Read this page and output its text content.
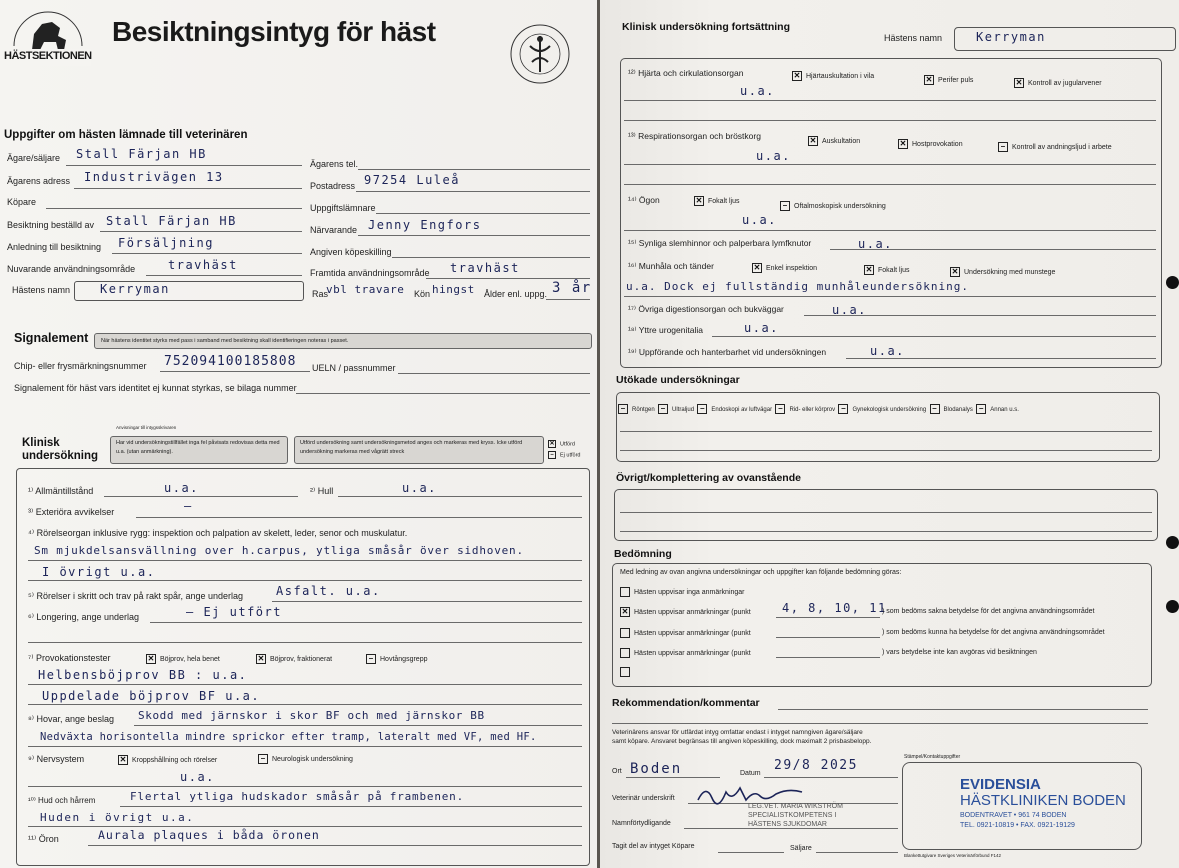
HÄSTSEKTIONEN
Besiktningsintyg för häst
Uppgifter om hästen lämnade till veterinären
Ägare/säljare Stall Färjan HB
Ägarens tel.
Ägarens adress Industrivägen 13
Postadress 97254 Luleå
Köpare
Uppgiftslämnare
Besiktning beställd av Stall Färjan HB
Närvarande Jenny Engfors
Anledning till besiktning Försäljning
Angiven köpeskilling
Nuvarande användningsområde	travhäst
Framtida användningsområde travhäst
Hästens namn Kerryman	Ras
vbl travare Kön hingst Ålder enl. uppg. 3 år
Signalement	När hästens identitet styrks med pass i samband med besiktning skall identifieringen noteras i passet.
Chip- eller frysmärkningsnummer 752094100185808 UELN / passnummer
Signalement för häst vars identitet ej kunnat styrkas, se bilaga nummer
Klinisk
undersökning
Anvisningar till intygsskrivaren
Har vid undersökningstillfället inga fel påvisats redovisas detta med u.a. (utan anmärkning).
Utförd undersökning samt undersökningsmetod anges och markeras med kryss. Icke utförd undersökning markeras med vågrätt streck
✕ Utförd
– Ej utförd
¹⁾ Allmäntillstånd	u.a.	²⁾ Hull	u.a.
³⁾ Exteriöra avvikelser	—
⁴⁾ Rörelseorgan inklusive rygg: inspektion och palpation av skelett, leder, senor och muskulatur.
Sm mjukdelsansvällning over h.carpus, ytliga småsår över sidhoven.
I övrigt u.a.
⁵⁾ Rörelser i skritt och trav på rakt spår, ange underlag	Asfalt. u.a.
⁶⁾ Longering, ange underlag	— Ej utfört
⁷⁾ Provokationstester	✕ Böjprov, hela benet	✕ Böjprov, fraktionerat	– Hovtångsgrepp
Helbensböjprov BB : u.a.
Uppdelade böjprov BF u.a.
⁸⁾ Hovar, ange beslag Skodd med järnskor i skor BF och med järnskor BB
Nedväxta horisontella mindre sprickor efter tramp, lateralt med VF, med HF.
⁹⁾ Nervsystem	✕ Kroppshållning och rörelser	– Neurologisk undersökning
u.a.
¹⁰⁾ Hud och hårrem	Flertal ytliga hudskador småsår på frambenen.
Huden i övrigt u.a.
¹¹⁾ Öron	Aurala plaques i båda öronen
Klinisk undersökning fortsättning
Hästens namn	Kerryman
¹²⁾ Hjärta och cirkulationsorgan	✕ Hjärtauskultation i vila	✕ Perifer puls	✕ Kontroll av jugularvener
u.a.
¹³⁾ Respirationsorgan och bröstkorg	✕ Auskultation	✕ Hostprovokation	– Kontroll av andningsljud i arbete
u.a.
¹⁴⁾ Ögon	✕ Fokalt ljus	– Oftalmoskopisk undersökning
u.a.
¹⁵⁾ Synliga slemhinnor och palperbara lymfknutor	u.a.
¹⁶⁾ Munhåla och tänder	✕ Enkel inspektion	✕ Fokalt ljus	✕ Undersökning med munstege
u.a. Dock ej fullständig munhåleundersökning.
¹⁷⁾ Övriga digestionsorgan och bukväggar	u.a.
¹⁸⁾ Yttre urogenitalia	u.a.
¹⁹⁾ Uppförande och hanterbarhet vid undersökningen	u.a.
Utökade undersökningar
– Röntgen – Ultraljud – Endoskopi av luftvägar – Rid- eller körprov – Gynekologisk undersökning – Blodanalys – Annan u.s.
Övrigt/komplettering av ovanstående
Bedömning
Med ledning av ovan angivna undersökningar och uppgifter kan följande bedömning göras:
Hästen uppvisar inga anmärkningar
✕ Hästen uppvisar anmärkningar (punkt	4, 8, 10, 11
) som bedöms sakna betydelse för det angivna användningsområdet
Hästen uppvisar anmärkningar (punkt	) som bedöms kunna ha betydelse för det angivna användningsområdet
Hästen uppvisar anmärkningar (punkt	) vars betydelse inte kan avgöras vid besiktningen
Rekommendation/kommentar
Veterinärens ansvar för utfärdat intyg omfattar endast i intyget namngiven ägare/säljare
samt köpare. Ansvaret begränsas till angiven köpeskilling, dock maximalt 2 prisbasbelopp.
Ort Boden	Datum
29/8 2025
Stämpel/Kontaktuppgifter
EVIDENSIA
HÄSTKLINIKEN BODEN
BODENTRAVET • 961 74 BODEN
TEL. 0921-10819 • FAX. 0921-19129
Veterinär underskrift
LEG.VET. MARIA WIKSTRÖM
SPECIALISTKOMPETENS I
HÄSTENS SJUKDOMAR
Namnförtydligande
Tagit del av intyget Köpare	Säljare
Blankettutgivare Sveriges Veterinärförbund F142
